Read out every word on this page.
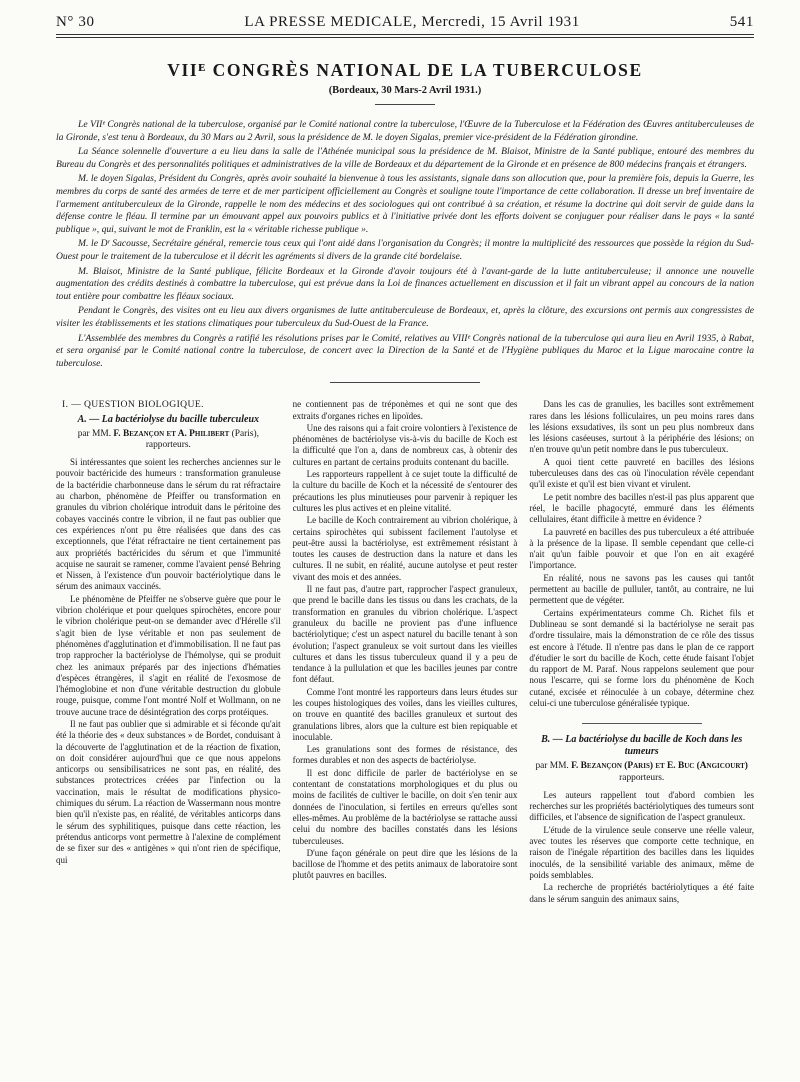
N° 30	LA PRESSE MEDICALE, Mercredi, 15 Avril 1931	541
VIIᴱ CONGRÈS NATIONAL DE LA TUBERCULOSE
(Bordeaux, 30 Mars-2 Avril 1931.)

Le VIIᵉ Congrès national de la tuberculose, organisé par le Comité national contre la tuberculose, l'Œuvre de la Tuberculose et la Fédération des Œuvres antituberculeuses de la Gironde, s'est tenu à Bordeaux, du 30 Mars au 2 Avril, sous la présidence de M. le doyen Sigalas, premier vice-président de la Fédération girondine.

La Séance solennelle d'ouverture a eu lieu dans la salle de l'Athénée municipal sous la présidence de M. Blaisot, Ministre de la Santé publique, entouré des membres du Bureau du Congrès et des personnalités politiques et administratives de la ville de Bordeaux et du département de la Gironde et en présence de 800 médecins français et étrangers.

M. le doyen Sigalas, Président du Congrès, après avoir souhaité la bienvenue à tous les assistants, signale dans son allocution que, pour la première fois, depuis la Guerre, les membres du corps de santé des armées de terre et de mer participent officiellement au Congrès et souligne toute l'importance de cette collaboration. Il dresse un bref inventaire de l'armement antituberculeux de la Gironde, rappelle le nom des médecins et des sociologues qui ont contribué à sa création, et résume la doctrine qui doit servir de guide dans la défense contre le fléau. Il termine par un émouvant appel aux pouvoirs publics et à l'initiative privée dont les efforts doivent se conjuguer pour réaliser dans le pays « la santé publique », qui, suivant le mot de Franklin, est la « véritable richesse publique ».

M. le Dʳ Sacousse, Secrétaire général, remercie tous ceux qui l'ont aidé dans l'organisation du Congrès; il montre la multiplicité des ressources que possède la région du Sud-Ouest pour le traitement de la tuberculose et il décrit les agréments si divers de la grande cité bordelaise.

M. Blaisot, Ministre de la Santé publique, félicite Bordeaux et la Gironde d'avoir toujours été à l'avant-garde de la lutte antituberculeuse; il annonce une nouvelle augmentation des crédits destinés à combattre la tuberculose, qui est prévue dans la Loi de finances actuellement en discussion et il fait un vibrant appel au concours de la nation tout entière pour combattre les fléaux sociaux.

Pendant le Congrès, des visites ont eu lieu aux divers organismes de lutte antituberculeuse de Bordeaux, et, après la clôture, des excursions ont permis aux congressistes de visiter les établissements et les stations climatiques pour tuberculeux du Sud-Ouest de la France.

L'Assemblée des membres du Congrès a ratifié les résolutions prises par le Comité, relatives au VIIIᵉ Congrès national de la tuberculose qui aura lieu en Avril 1935, à Rabat, et sera organisé par le Comité national contre la tuberculose, de concert avec la Direction de la Santé et de l'Hygiène publiques du Maroc et la Ligue marocaine contre la tuberculose.

I. — QUESTION BIOLOGIQUE.
A. — La bactériolyse du bacille tuberculeux
par MM. F. Bezançon et A. Philibert (Paris), rapporteurs.

Si intéressantes que soient les recherches anciennes sur le pouvoir bactéricide des humeurs : transformation granuleuse de la bactéridie charbonneuse dans le sérum du rat réfractaire au charbon, phénomène de Pfeiffer ou transformation en granules du vibrion cholérique introduit dans le péritoine des cobayes vaccinés contre le vibrion, il ne faut pas oublier que ces expériences n'ont pu être réalisées que dans des cas exceptionnels, que l'état réfractaire ne tient certainement pas aux propriétés bactéricides du sérum et que l'immunité acquise ne saurait se ramener, comme l'avaient pensé Behring et Nissen, à l'existence d'un pouvoir bactériolytique dans le sérum des animaux vaccinés.

Le phénomène de Pfeiffer ne s'observe guère que pour le vibrion cholérique et pour quelques spirochètes, encore pour le vibrion cholérique peut-on se demander avec d'Hérelle s'il s'agit bien de lyse véritable et non pas seulement de phénomènes d'agglutination et d'immobilisation. Il ne faut pas trop rapprocher la bactériolyse de l'hémolyse, qui se produit chez les animaux préparés par des injections d'hématies d'espèces étrangères, il s'agit en réalité de l'exosmose de l'hémoglobine et non d'une véritable destruction du globule rouge, puisque, comme l'ont montré Nolf et Wollmann, on ne trouve aucune trace de désintégration des corps protéiques.

Il ne faut pas oublier que si admirable et si féconde qu'ait été la théorie des « deux substances » de Bordet, conduisant à la découverte de l'agglutination et de la réaction de fixation, on doit considérer aujourd'hui que ce que nous appelons anticorps ou sensibilisatrices ne sont pas, en réalité, des substances protectrices créées par l'infection ou la vaccination, mais le résultat de modifications physico-chimiques du sérum. La réaction de Wassermann nous montre bien qu'il n'existe pas, en réalité, de véritables anticorps dans le sérum des syphilitiques, puisque dans cette réaction, les prétendus anticorps vont permettre à l'alexine de complément de se fixer sur des « antigènes » qui n'ont rien de spécifique, qui

ne contiennent pas de tréponèmes et qui ne sont que des extraits d'organes riches en lipoïdes.

Une des raisons qui a fait croire volontiers à l'existence de phénomènes de bactériolyse vis-à-vis du bacille de Koch est la difficulté que l'on a, dans de nombreux cas, à obtenir des cultures en partant de certains produits contenant du bacille.

Les rapporteurs rappellent à ce sujet toute la difficulté de la culture du bacille de Koch et la nécessité de s'entourer des précautions les plus minutieuses pour parvenir à repiquer les cultures les plus actives et en pleine vitalité.

Le bacille de Koch contrairement au vibrion cholérique, à certains spirochètes qui subissent facilement l'autolyse et peut-être aussi la bactériolyse, est extrêmement résistant à toutes les causes de destruction dans la nature et dans les cultures. Il ne subit, en réalité, aucune autolyse et peut rester vivant des mois et des années.

Il ne faut pas, d'autre part, rapprocher l'aspect granuleux, que prend le bacille dans les tissus ou dans les crachats, de la transformation en granules du vibrion cholérique. L'aspect granuleux du bacille ne provient pas d'une influence bactériolytique; c'est un aspect naturel du bacille tenant à son évolution; l'aspect granuleux se voit surtout dans les vieilles cultures et dans les tissus tuberculeux quand il y a peu de tendance à la pullulation et que les bacilles jeunes par contre font défaut.

Comme l'ont montré les rapporteurs dans leurs études sur les coupes histologiques des voiles, dans les vieilles cultures, on trouve en quantité des bacilles granuleux et surtout des granulations libres, alors que la culture est bien repiquable et inoculable.

Les granulations sont des formes de résistance, des formes durables et non des aspects de bactériolyse.

Il est donc difficile de parler de bactériolyse en se contentant de constatations morphologiques et du plus ou moins de facilités de cultiver le bacille, on doit s'en tenir aux données de l'inoculation, si fertiles en erreurs qu'elles sont elles-mêmes. Au problème de la bactériolyse se rattache aussi celui du nombre des bacilles constatés dans les lésions tuberculeuses.

D'une façon générale on peut dire que les lésions de la bacillose de l'homme et des petits animaux de laboratoire sont plutôt pauvres en bacilles.

Dans les cas de granulies, les bacilles sont extrêmement rares dans les lésions folliculaires, un peu moins rares dans les lésions exsudatives, ils sont un peu plus nombreux dans les lésions caséeuses, surtout à la périphérie des lésions; on n'en trouve qu'un petit nombre dans le pus tuberculeux.

A quoi tient cette pauvreté en bacilles des lésions tuberculeuses dans des cas où l'inoculation révèle cependant qu'il existe et qu'il est bien vivant et virulent.

Le petit nombre des bacilles n'est-il pas plus apparent que réel, le bacille phagocyté, emmuré dans les éléments cellulaires, étant difficile à mettre en évidence ?

La pauvreté en bacilles des pus tuberculeux a été attribuée à la présence de la lipase. Il semble cependant que celle-ci n'ait qu'un faible pouvoir et que l'on en ait exagéré l'importance.

En réalité, nous ne savons pas les causes qui tantôt permettent au bacille de pulluler, tantôt, au contraire, ne lui permettent que de végéter.

Certains expérimentateurs comme Ch. Richet fils et Dublineau se sont demandé si la bactériolyse ne serait pas d'ordre tissulaire, mais la démonstration de ce rôle des tissus est encore à l'étude. Il n'entre pas dans le plan de ce rapport d'étudier le sort du bacille de Koch, cette étude faisant l'objet du rapport de M. Paraf. Nous rappelons seulement que pour nous l'escarre, qui se forme lors du phénomène de Koch cutané, excisée et réinoculée à un cobaye, détermine chez celui-ci une tuberculose généralisée typique.

B. — La bactériolyse du bacille de Koch dans les tumeurs
par MM. F. Bezançon (Paris) et E. Buc (Angicourt) rapporteurs.

Les auteurs rappellent tout d'abord combien les recherches sur les propriétés bactériolytiques des tumeurs sont difficiles, et l'absence de signification de l'aspect granuleux.

L'étude de la virulence seule conserve une réelle valeur, avec toutes les réserves que comporte cette technique, en raison de l'inégale répartition des bacilles dans les liquides inoculés, de la sensibilité variable des animaux, même de poids semblables.

La recherche de propriétés bactériolytiques a été faite dans le sérum sanguin des animaux sains,
